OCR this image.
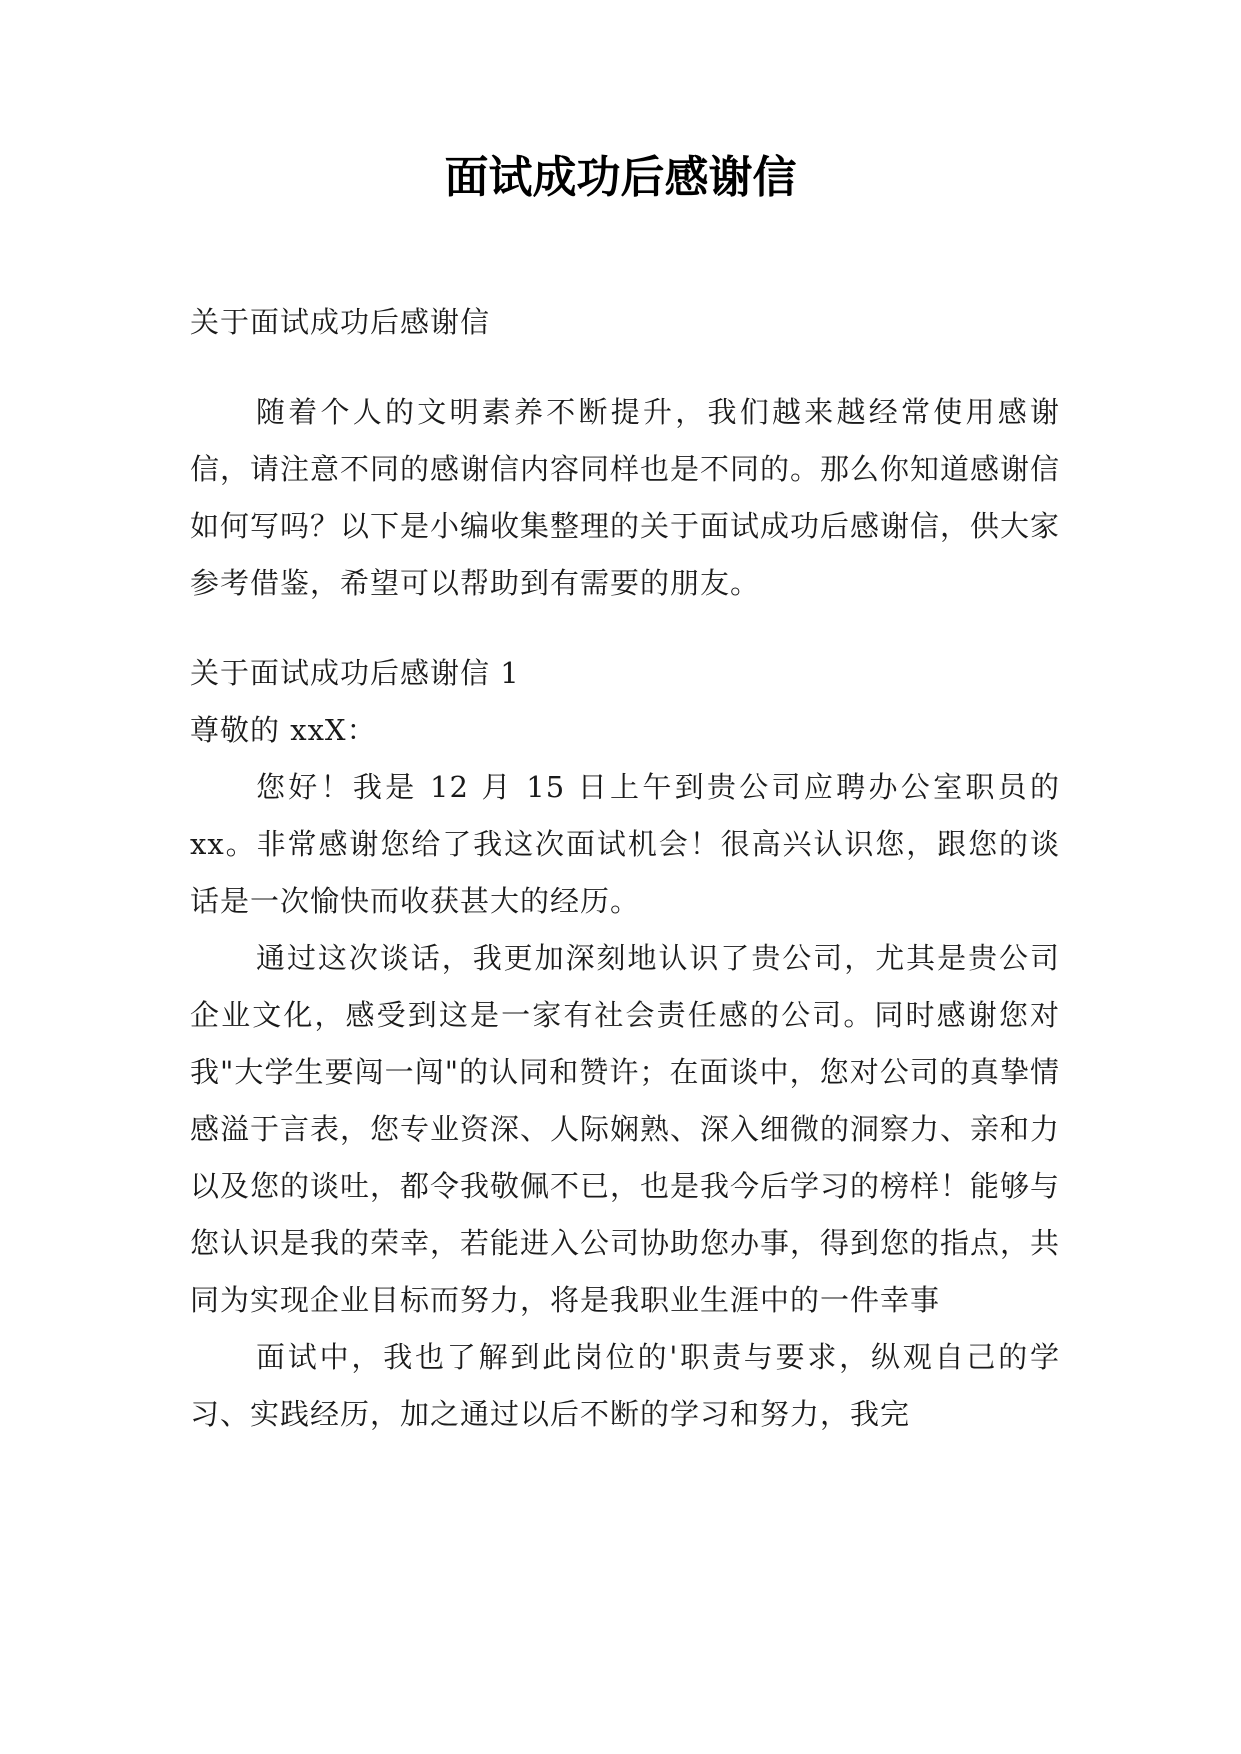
面试成功后感谢信

关于面试成功后感谢信

随着个人的文明素养不断提升，我们越来越经常使用感谢信，请注意不同的感谢信内容同样也是不同的。那么你知道感谢信如何写吗？以下是小编收集整理的关于面试成功后感谢信，供大家参考借鉴，希望可以帮助到有需要的朋友。

关于面试成功后感谢信 1

尊敬的 xxX：

您好！我是 12 月 15 日上午到贵公司应聘办公室职员的 xx。非常感谢您给了我这次面试机会！很高兴认识您，跟您的谈话是一次愉快而收获甚大的经历。

通过这次谈话，我更加深刻地认识了贵公司，尤其是贵公司企业文化，感受到这是一家有社会责任感的公司。同时感谢您对我"大学生要闯一闯"的认同和赞许；在面谈中，您对公司的真挚情感溢于言表，您专业资深、人际娴熟、深入细微的洞察力、亲和力以及您的谈吐，都令我敬佩不已，也是我今后学习的榜样！能够与您认识是我的荣幸，若能进入公司协助您办事，得到您的指点，共同为实现企业目标而努力，将是我职业生涯中的一件幸事

面试中，我也了解到此岗位的'职责与要求，纵观自己的学习、实践经历，加之通过以后不断的学习和努力，我完
